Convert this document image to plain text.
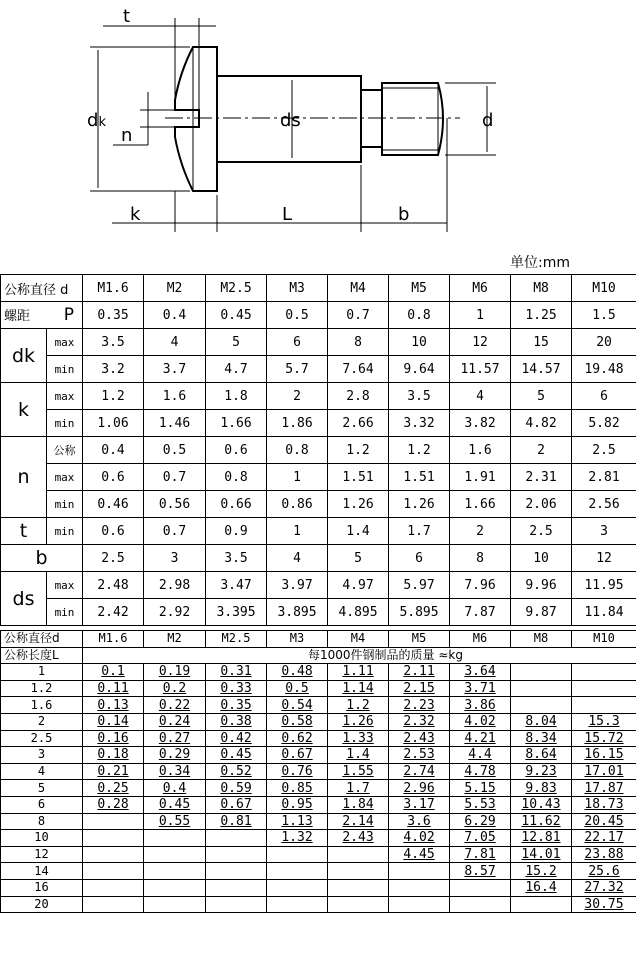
t
dk
n
ds	d
k	L	b
单位:mm
公称直径 d		M1.6	M2	M2.5	M3	M4	M5	M6	M8	M10
螺距 P		0.35	0.4	0.45	0.5	0.7	0.8	1	1.25	1.5
dk	max	3.5	4	5	6	8	10	12	15	20
	min	3.2	3.7	4.7	5.7	7.64	9.64	11.57	14.57	19.48
k	max	1.2	1.6	1.8	2	2.8	3.5	4	5	6
	min	1.06	1.46	1.66	1.86	2.66	3.32	3.82	4.82	5.82
n	公称	0.4	0.5	0.6	0.8	1.2	1.2	1.6	2	2.5
	max	0.6	0.7	0.8	1	1.51	1.51	1.91	2.31	2.81
	min	0.46	0.56	0.66	0.86	1.26	1.26	1.66	2.06	2.56
t	min	0.6	0.7	0.9	1	1.4	1.7	2	2.5	3
b		2.5	3	3.5	4	5	6	8	10	12
ds	max	2.48	2.98	3.47	3.97	4.97	5.97	7.96	9.96	11.95
	min	2.42	2.92	3.395	3.895	4.895	5.895	7.87	9.87	11.84
公称直径d	M1.6	M2	M2.5	M3	M4	M5	M6	M8	M10
公称长度L	每1000件钢制品的质量 ≈kg								
1	0.1	0.19	0.31	0.48	1.11	2.11	3.64		
1.2	0.11	0.2	0.33	0.5	1.14	2.15	3.71		
1.6	0.13	0.22	0.35	0.54	1.2	2.23	3.86		
2	0.14	0.24	0.38	0.58	1.26	2.32	4.02	8.04	15.3
2.5	0.16	0.27	0.42	0.62	1.33	2.43	4.21	8.34	15.72
3	0.18	0.29	0.45	0.67	1.4	2.53	4.4	8.64	16.15
4	0.21	0.34	0.52	0.76	1.55	2.74	4.78	9.23	17.01
5	0.25	0.4	0.59	0.85	1.7	2.96	5.15	9.83	17.87
6	0.28	0.45	0.67	0.95	1.84	3.17	5.53	10.43	18.73
8		0.55	0.81	1.13	2.14	3.6	6.29	11.62	20.45
10				1.32	2.43	4.02	7.05	12.81	22.17
12						4.45	7.81	14.01	23.88
14							8.57	15.2	25.6
16								16.4	27.32
20									30.75
